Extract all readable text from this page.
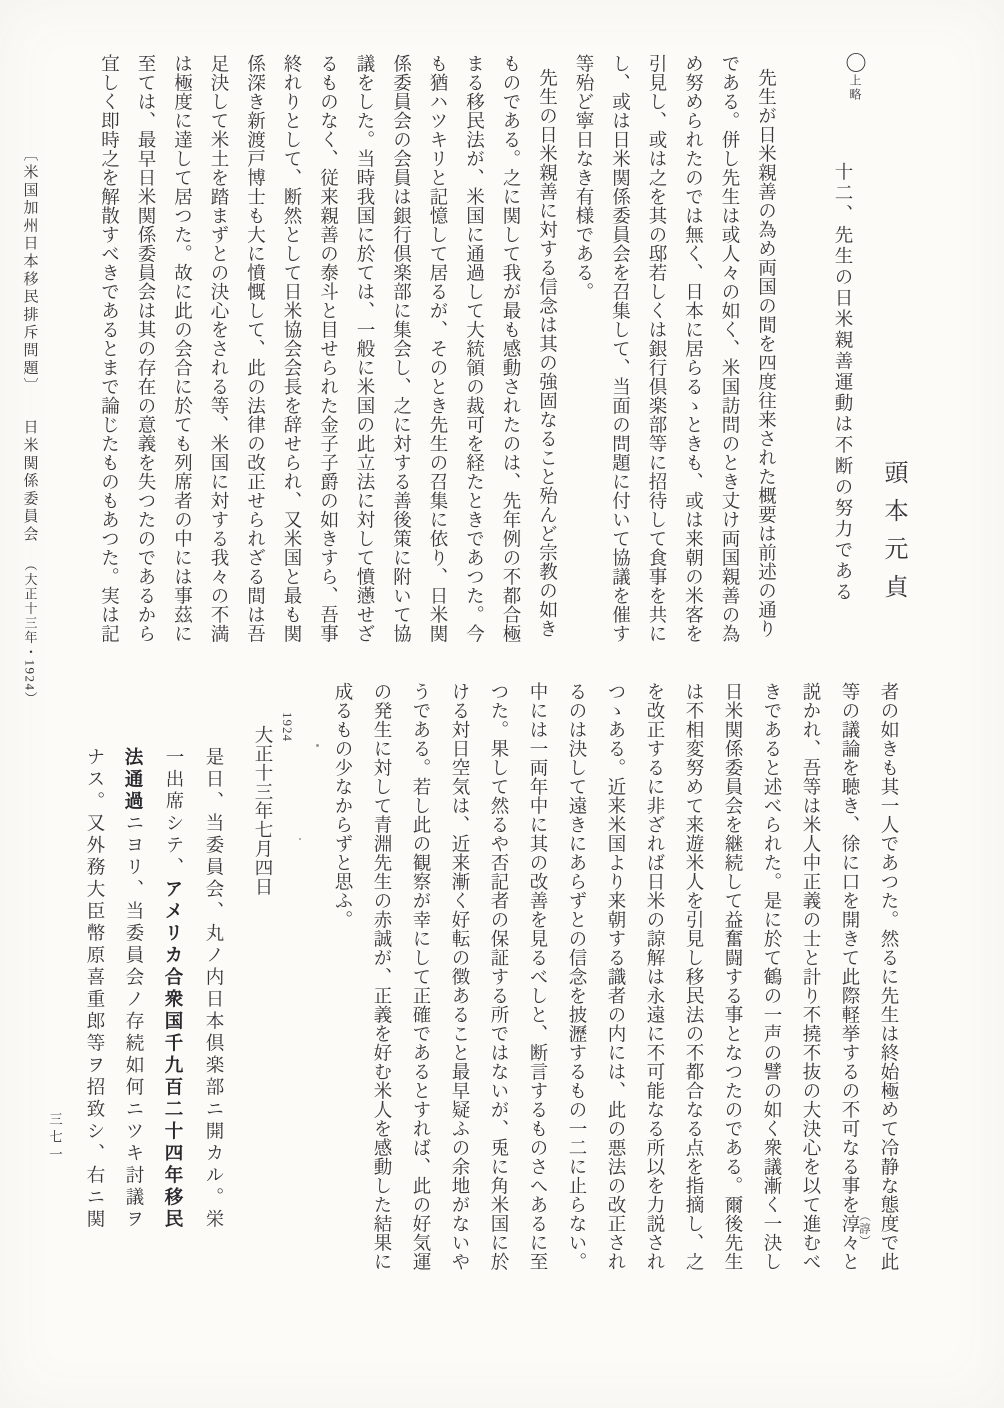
〇上略
頭本元貞
十二、先生の日米親善運動は不断の努力である
先生が日米親善の為め両国の間を四度往来された概要は前述の通り
である。併し先生は或人々の如く、米国訪問のとき丈け両国親善の為
め努められたのでは無く、日本に居らるゝときも、或は来朝の米客を
引見し、或は之を其の邸若しくは銀行倶楽部等に招待して食事を共に
し、或は日米関係委員会を召集して、当面の問題に付いて協議を催す
等殆ど寧日なき有様である。
先生の日米親善に対する信念は其の強固なること殆んど宗教の如き
ものである。之に関して我が最も感動されたのは、先年例の不都合極
まる移民法が、米国に通過して大統領の裁可を経たときであつた。今
も猶ハツキリと記憶して居るが、そのとき先生の召集に依り、日米関
係委員会の会員は銀行倶楽部に集会し、之に対する善後策に附いて協
議をした。当時我国に於ては、一般に米国の此立法に対して憤懣せざ
るものなく、従来親善の泰斗と目せられた金子子爵の如きすら、吾事
終れりとして、断然として日米協会会長を辞せられ、又米国と最も関
係深き新渡戸博士も大に憤慨して、此の法律の改正せられざる間は吾
足決して米土を踏まずとの決心をされる等、米国に対する我々の不満
は極度に達して居つた。故に此の会合に於ても列席者の中には事茲に
至ては、最早日米関係委員会は其の存在の意義を失つたのであるから
宜しく即時之を解散すべきであるとまで論じたものもあつた。実は記
（諄） 者の如きも其一人であつた。然るに先生は終始極めて冷静な態度で此
等の議論を聴き、徐に口を開きて此際軽挙するの不可なる事を淳々と
説かれ、吾等は米人中正義の士と計り不撓不抜の大決心を以て進むべ
きであると述べられた。是に於て鶴の一声の譬の如く衆議漸く一決し
日米関係委員会を継続して益奮闘する事となつたのである。爾後先生
は不相変努めて来遊米人を引見し移民法の不都合なる点を指摘し、之
を改正するに非ざれば日米の諒解は永遠に不可能なる所以を力説され
つゝある。近来米国より来朝する識者の内には、此の悪法の改正され
るのは決して遠きにあらずとの信念を披瀝するもの一二に止らない。
中には一両年中に其の改善を見るべしと、断言するものさへあるに至
つた。果して然るや否記者の保証する所ではないが、兎に角米国に於
ける対日空気は、近来漸く好転の徴あること最早疑ふの余地がないや
うである。若し此の観察が幸にして正確であるとすれば、此の好気運
の発生に対して青淵先生の赤誠が、正義を好む米人を感動した結果に
成るもの少なからずと思ふ。
大正十三年七月四日
是日、当委員会、丸ノ内日本倶楽部ニ開カル。栄
一出席シテ、アメリカ合衆国千九百二十四年移民
法通過ニヨリ、当委員会ノ存続如何ニツキ討議ヲ
ナス。又外務大臣幣原喜重郎等ヲ招致シ、右ニ関
1924
〔米国加州日本移民排斥問題〕日米関係委員会（大正十三年・1924）
三七一
